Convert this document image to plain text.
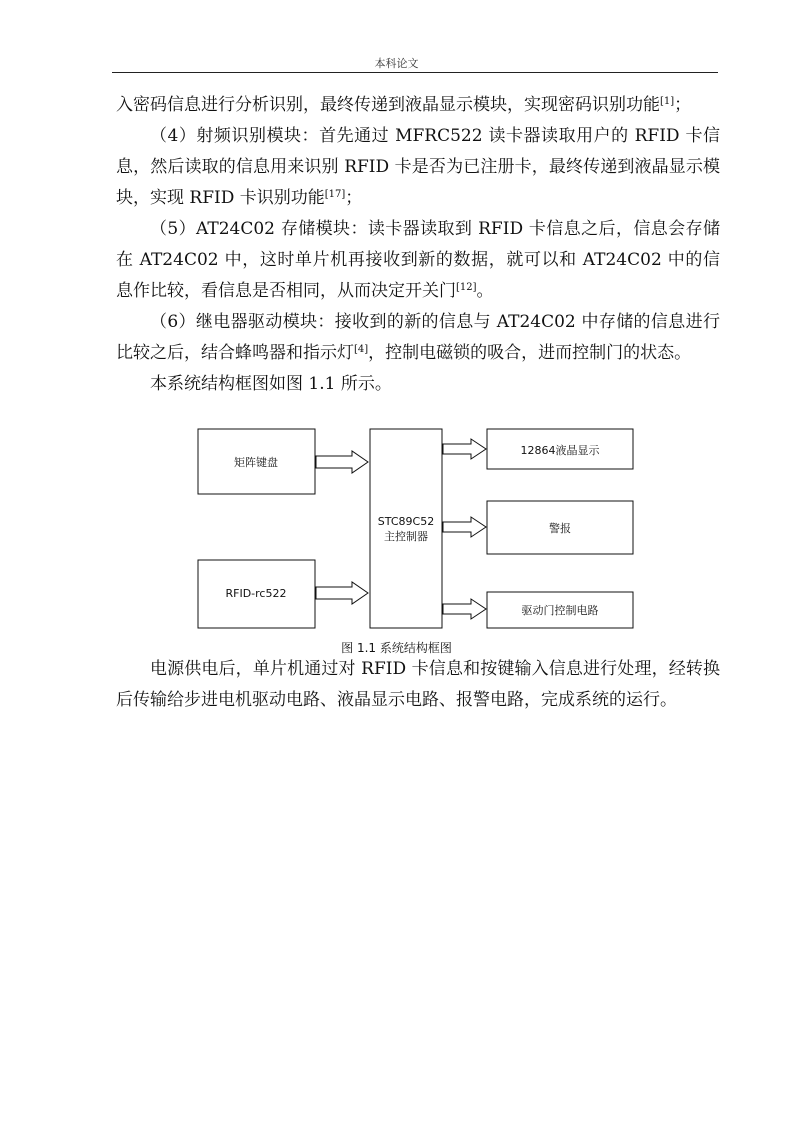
本科论文

入密码信息进行分析识别，最终传递到液晶显示模块，实现密码识别功能[1]；

（4）射频识别模块：首先通过 MFRC522 读卡器读取用户的 RFID 卡信息，然后读取的信息用来识别 RFID 卡是否为已注册卡，最终传递到液晶显示模块，实现 RFID 卡识别功能[17]；

（5）AT24C02 存储模块：读卡器读取到 RFID 卡信息之后，信息会存储在 AT24C02 中，这时单片机再接收到新的数据，就可以和 AT24C02 中的信息作比较，看信息是否相同，从而决定开关门[12]。

（6）继电器驱动模块：接收到的新的信息与 AT24C02 中存储的信息进行比较之后，结合蜂鸣器和指示灯[4]，控制电磁锁的吸合，进而控制门的状态。

本系统结构框图如图 1.1 所示。

矩阵键盘
RFID-rc522
STC89C52
主控制器
12864液晶显示
警报
驱动门控制电路
图 1.1 系统结构框图

电源供电后，单片机通过对 RFID 卡信息和按键输入信息进行处理，经转换后传输给步进电机驱动电路、液晶显示电路、报警电路，完成系统的运行。
